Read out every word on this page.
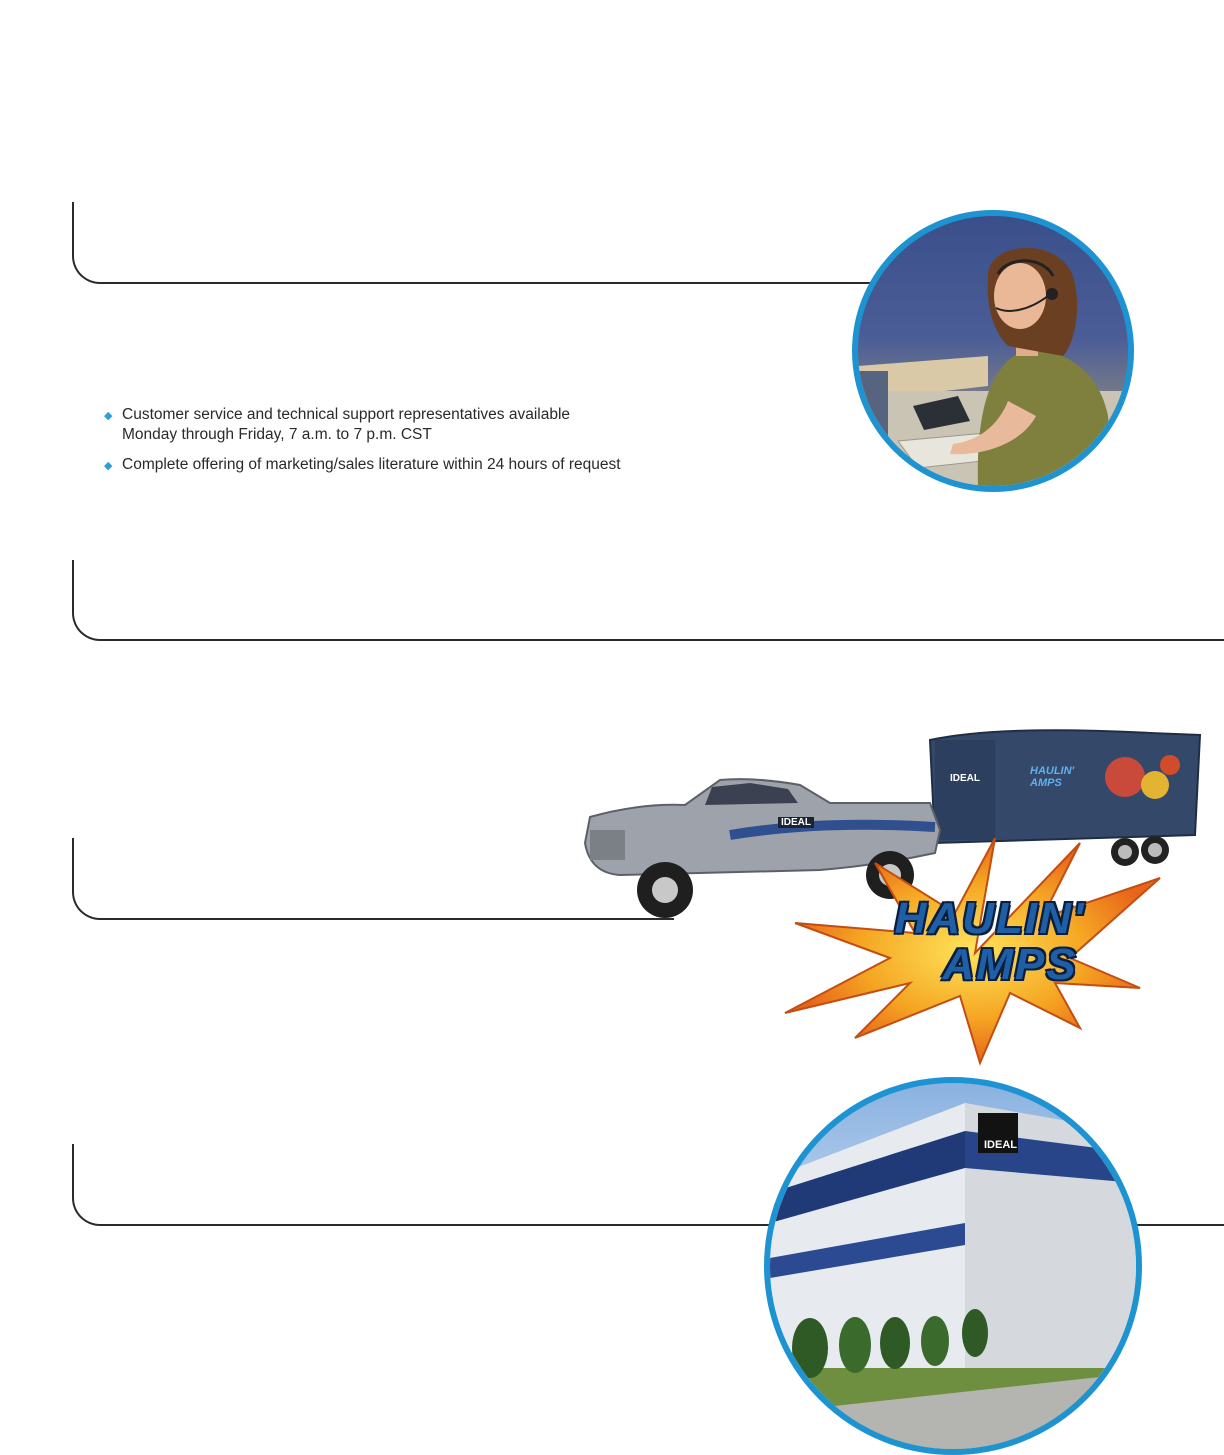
◆ Customer service and technical support representatives available
Monday through Friday, 7 a.m. to 7 p.m. CST
◆ Complete offering of marketing/sales literature within 24 hours of request
IDEAL
IDEAL
HAULIN' AMPS
HAULIN'
AMPS
IDEAL
